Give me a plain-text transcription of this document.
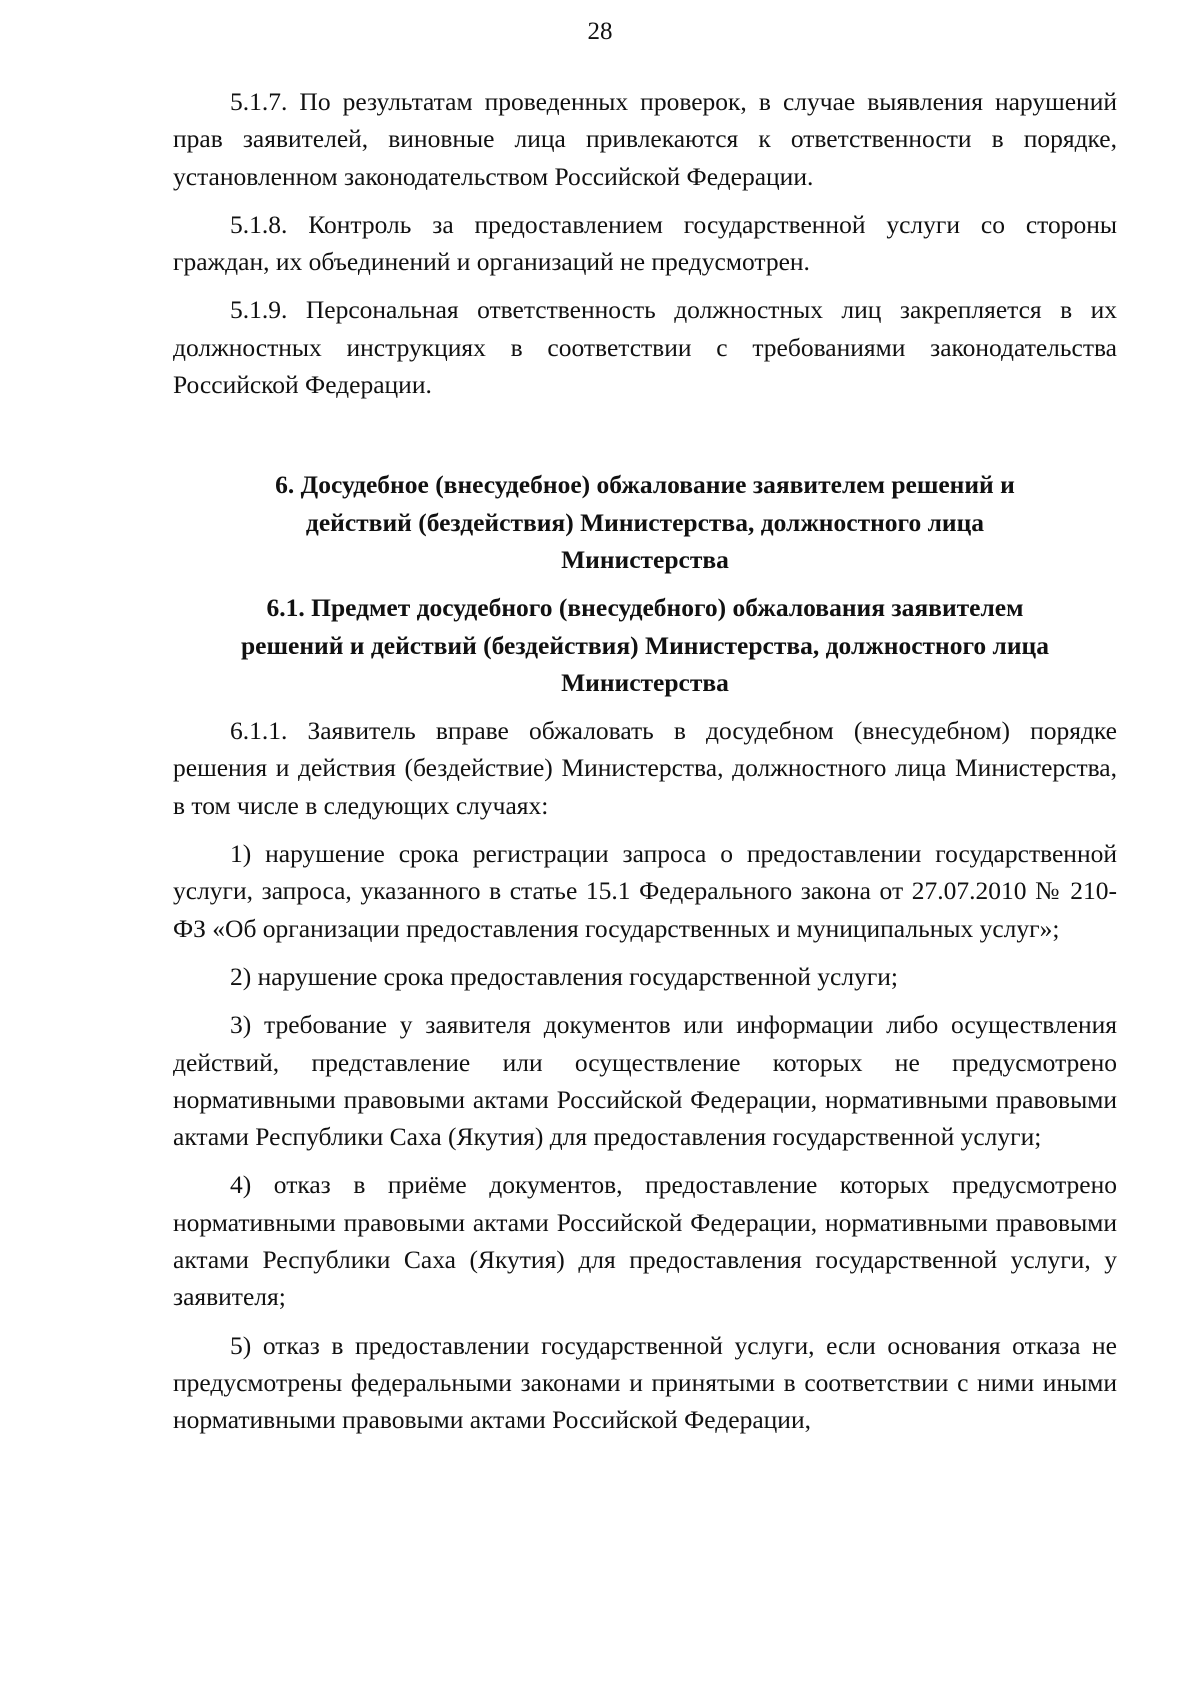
28

5.1.7. По результатам проведенных проверок, в случае выявления нарушений прав заявителей, виновные лица привлекаются к ответственности в порядке, установленном законодательством Российской Федерации.

5.1.8. Контроль за предоставлением государственной услуги со стороны граждан, их объединений и организаций не предусмотрен.

5.1.9. Персональная ответственность должностных лиц закрепляется в их должностных инструкциях в соответствии с требованиями законодательства Российской Федерации.

6. Досудебное (внесудебное) обжалование заявителем решений и
действий (бездействия) Министерства, должностного лица
Министерства
6.1. Предмет досудебного (внесудебного) обжалования заявителем
решений и действий (бездействия) Министерства, должностного лица
Министерства

6.1.1. Заявитель вправе обжаловать в досудебном (внесудебном) порядке решения и действия (бездействие) Министерства, должностного лица Министерства, в том числе в следующих случаях:

1) нарушение срока регистрации запроса о предоставлении государственной услуги, запроса, указанного в статье 15.1 Федерального закона от 27.07.2010 № 210-ФЗ «Об организации предоставления государственных и муниципальных услуг»;

2) нарушение срока предоставления государственной услуги;

3) требование у заявителя документов или информации либо осуществления действий, представление или осуществление которых не предусмотрено нормативными правовыми актами Российской Федерации, нормативными правовыми актами Республики Саха (Якутия) для предоставления государственной услуги;

4) отказ в приёме документов, предоставление которых предусмотрено нормативными правовыми актами Российской Федерации, нормативными правовыми актами Республики Саха (Якутия) для предоставления государственной услуги, у заявителя;

5) отказ в предоставлении государственной услуги, если основания отказа не предусмотрены федеральными законами и принятыми в соответствии с ними иными нормативными правовыми актами Российской Федерации,
